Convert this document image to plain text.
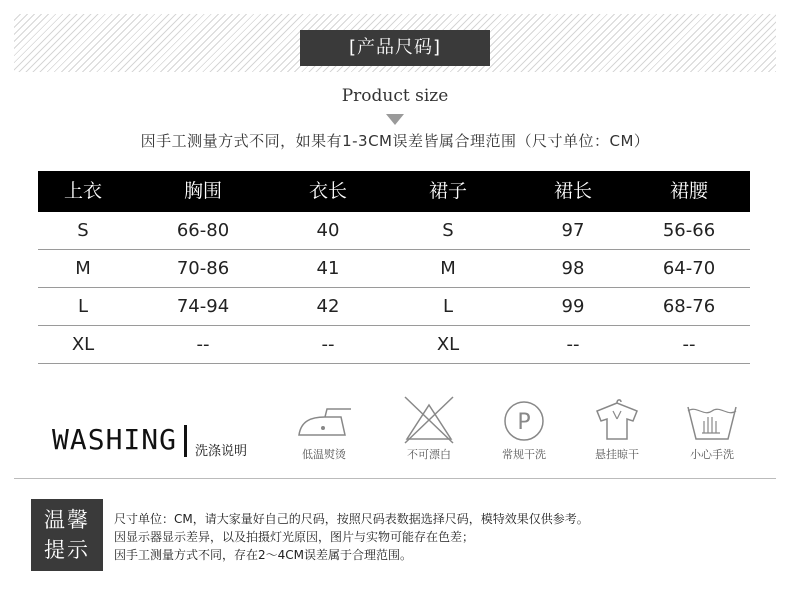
[产品尺码]
Product size
因手工测量方式不同，如果有1-3CM误差皆属合理范围（尺寸单位：CM）
上衣	胸围	衣长	裙子	裙长	裙腰
S	66-80	40	S	97	56-66
M	70-86	41	M	98	64-70
L	74-94	42	L	99	68-76
XL	--	--	XL	--	--
WASHING 洗涤说明	低温熨烫	不可漂白
P
常规干洗	悬挂晾干	小心手洗
温馨
提示
尺寸单位：CM，请大家量好自己的尺码，按照尺码表数据选择尺码，模特效果仅供参考。
因显示器显示差异，以及拍摄灯光原因，图片与实物可能存在色差；
因手工测量方式不同，存在2～4CM误差属于合理范围。
